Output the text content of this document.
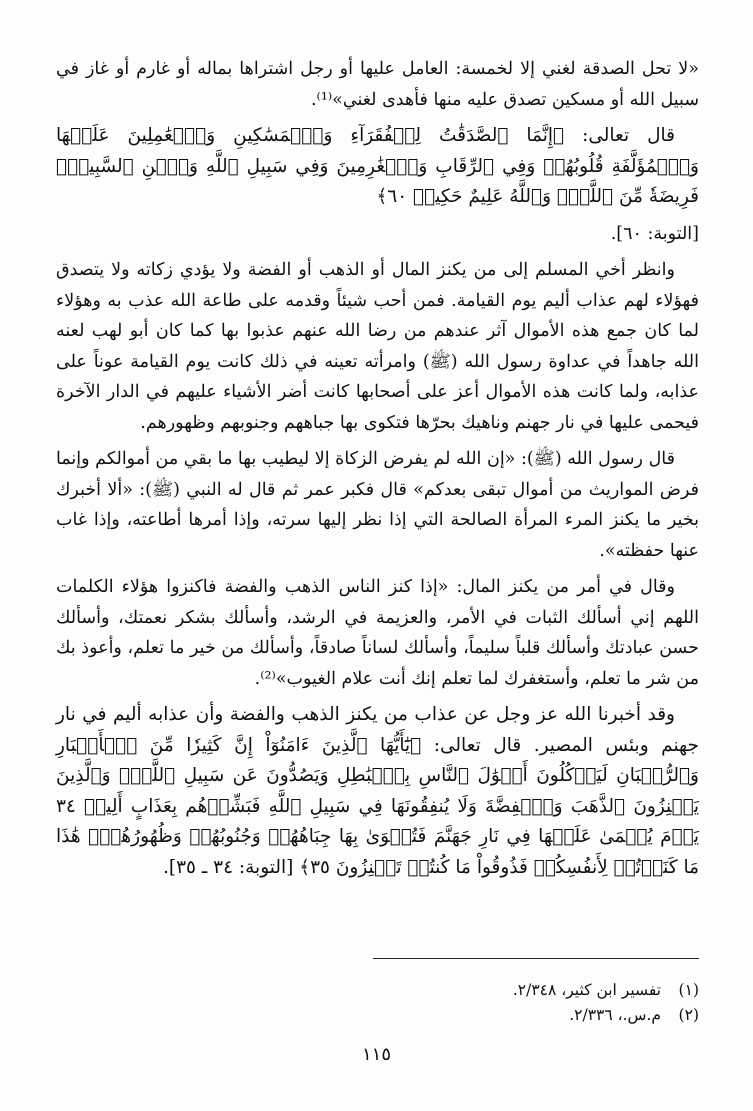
«لا تحل الصدقة لغني إلا لخمسة: العامل عليها أو رجل اشتراها بماله أو غارم أو غاز في سبيل الله أو مسكين تصدق عليه منها فأهدى لغني»⁽¹⁾.

قال تعالى: ﴿إِنَّمَا ٱلصَّدَقَٰتُ لِلۡفُقَرَآءِ وَٱلۡمَسَٰكِينِ وَٱلۡعَٰمِلِينَ عَلَيۡهَا وَٱلۡمُؤَلَّفَةِ قُلُوبُهُمۡ وَفِي ٱلرِّقَابِ وَٱلۡغَٰرِمِينَ وَفِي سَبِيلِ ٱللَّهِ وَٱبۡنِ ٱلسَّبِيلِۖ فَرِيضَةٗ مِّنَ ٱللَّهِۗ وَٱللَّهُ عَلِيمٌ حَكِيمٞ ٦٠﴾

[التوبة: ٦٠].

وانظر أخي المسلم إلى من يكنز المال أو الذهب أو الفضة ولا يؤدي زكاته ولا يتصدق فهؤلاء لهم عذاب أليم يوم القيامة. فمن أحب شيئاً وقدمه على طاعة الله عذب به وهؤلاء لما كان جمع هذه الأموال آثر عندهم من رضا الله عنهم عذبوا بها كما كان أبو لهب لعنه الله جاهداً في عداوة رسول الله (ﷺ) وامرأته تعينه في ذلك كانت يوم القيامة عوناً على عذابه، ولما كانت هذه الأموال أعز على أصحابها كانت أضر الأشياء عليهم في الدار الآخرة فيحمى عليها في نار جهنم وناهيك بحرّها فتكوى بها جباههم وجنوبهم وظهورهم.

قال رسول الله (ﷺ): «إن الله لم يفرض الزكاة إلا ليطيب بها ما بقي من أموالكم وإنما فرض المواريث من أموال تبقى بعدكم» قال فكبر عمر ثم قال له النبي (ﷺ): «ألا أخبرك بخير ما يكنز المرء المرأة الصالحة التي إذا نظر إليها سرته، وإذا أمرها أطاعته، وإذا غاب عنها حفظته».

وقال في أمر من يكنز المال: «إذا كنز الناس الذهب والفضة فاكنزوا هؤلاء الكلمات اللهم إني أسألك الثبات في الأمر، والعزيمة في الرشد، وأسألك بشكر نعمتك، وأسألك حسن عبادتك وأسألك قلباً سليماً، وأسألك لساناً صادقاً، وأسألك من خير ما تعلم، وأعوذ بك من شر ما تعلم، وأستغفرك لما تعلم إنك أنت علام الغيوب»⁽²⁾.

وقد أخبرنا الله عز وجل عن عذاب من يكنز الذهب والفضة وأن عذابه أليم في نار جهنم وبئس المصير. قال تعالى: ﴿يَٰٓأَيُّهَا ٱلَّذِينَ ءَامَنُوٓاْ إِنَّ كَثِيرٗا مِّنَ ٱلۡأَحۡبَارِ وَٱلرُّهۡبَانِ لَيَأۡكُلُونَ أَمۡوَٰلَ ٱلنَّاسِ بِٱلۡبَٰطِلِ وَيَصُدُّونَ عَن سَبِيلِ ٱللَّهِۗ وَٱلَّذِينَ يَكۡنِزُونَ ٱلذَّهَبَ وَٱلۡفِضَّةَ وَلَا يُنفِقُونَهَا فِي سَبِيلِ ٱللَّهِ فَبَشِّرۡهُم بِعَذَابٍ أَلِيمٖ ٣٤ يَوۡمَ يُحۡمَىٰ عَلَيۡهَا فِي نَارِ جَهَنَّمَ فَتُكۡوَىٰ بِهَا جِبَاهُهُمۡ وَجُنُوبُهُمۡ وَظُهُورُهُمۡۖ هَٰذَا مَا كَنَزۡتُمۡ لِأَنفُسِكُمۡ فَذُوقُواْ مَا كُنتُمۡ تَكۡنِزُونَ ٣٥﴾ [التوبة: ٣٤ ـ ٣٥].

(١)
تفسير ابن كثير، ٢/٣٤٨.
(٢)
م.س.، ٢/٣٣٦.
١١٥
